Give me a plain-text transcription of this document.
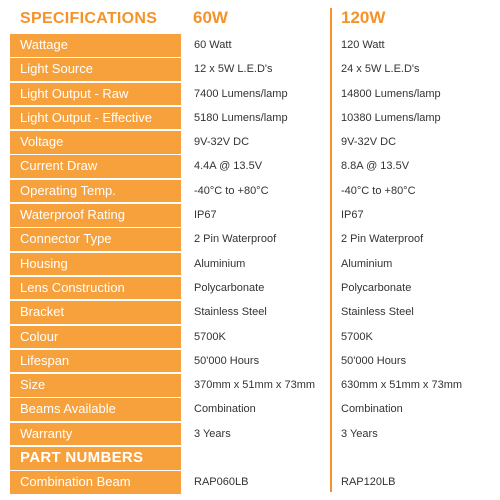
SPECIFICATIONS	60W	120W
Wattage	60 Watt	120 Watt
Light Source	12 x 5W L.E.D's	24 x 5W L.E.D's
Light Output - Raw	7400 Lumens/lamp	14800 Lumens/lamp
Light Output - Effective	5180 Lumens/lamp	10380 Lumens/lamp
Voltage	9V-32V DC	9V-32V DC
Current Draw	4.4A @ 13.5V	8.8A @ 13.5V
Operating Temp.	-40°C to +80°C	-40°C to +80°C
Waterproof Rating	IP67	IP67
Connector Type	2 Pin Waterproof	2 Pin Waterproof
Housing	Aluminium	Aluminium
Lens Construction	Polycarbonate	Polycarbonate
Bracket	Stainless Steel	Stainless Steel
Colour	5700K	5700K
Lifespan	50'000 Hours	50'000 Hours
Size	370mm x 51mm x 73mm	630mm x 51mm x 73mm
Beams Available	Combination	Combination
Warranty	3 Years	3 Years
PART NUMBERS
Combination Beam	RAP060LB	RAP120LB
